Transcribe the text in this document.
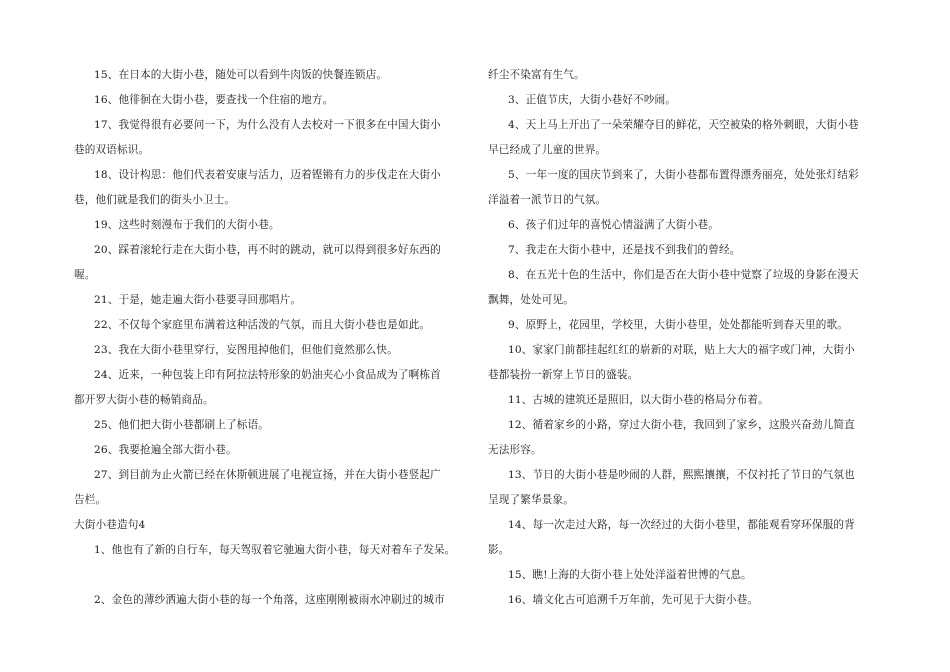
15、在日本的大街小巷，随处可以看到牛肉饭的快餐连锁店。
16、他徘徊在大街小巷，要查找一个住宿的地方。
17、我觉得很有必要问一下，为什么没有人去校对一下很多在中国大街小
巷的双语标识。
18、设计构思：他们代表着安康与活力，迈着铿锵有力的步伐走在大街小
巷，他们就是我们的街头小卫士。
19、这些时刻漫布于我们的大街小巷。
20、踩着滚轮行走在大街小巷，再不时的跳动，就可以得到很多好东西的
喔。
21、于是，她走遍大街小巷要寻回那唱片。
22、不仅每个家庭里布满着这种活泼的气氛，而且大街小巷也是如此。
23、我在大街小巷里穿行，妄图甩掉他们，但他们竟然那么快。
24、近来，一种包装上印有阿拉法特形象的奶油夹心小食品成为了啊栋首
都开罗大街小巷的畅销商品。
25、他们把大街小巷都刷上了标语。
26、我要抢遍全部大街小巷。
27、到目前为止火箭已经在休斯顿进展了电视宣扬，并在大街小巷竖起广
告栏。
大街小巷造句4
1、他也有了新的自行车，每天驾驭着它驰遍大街小巷，每天对着车子发呆。
2、金色的薄纱洒遍大街小巷的每一个角落，这座刚刚被雨水冲刷过的城市
纤尘不染富有生气。
3、正值节庆，大街小巷好不吵闹。
4、天上马上开出了一朵荣耀夺目的鲜花，天空被染的格外刺眼，大街小巷
早已经成了儿童的世界。
5、一年一度的国庆节到来了，大街小巷都布置得漂秀丽亮，处处张灯结彩
洋溢着一派节日的气氛。
6、孩子们过年的喜悦心情溢满了大街小巷。
7、我走在大街小巷中，还是找不到我们的曾经。
8、在五光十色的生活中，你们是否在大街小巷中觉察了垃圾的身影在漫天
飘舞，处处可见。
9、原野上，花园里，学校里，大街小巷里，处处都能听到春天里的歌。
10、家家门前都挂起红红的崭新的对联，贴上大大的福字或门神，大街小
巷都装扮一新穿上节日的盛装。
11、古城的建筑还是照旧，以大街小巷的格局分布着。
12、循着家乡的小路，穿过大街小巷，我回到了家乡，这股兴奋劲儿简直
无法形容。
13、节日的大街小巷是吵闹的人群，熙熙攘攘，不仅衬托了节日的气氛也
呈现了繁华景象。
14、每一次走过大路，每一次经过的大街小巷里，都能观看穿环保服的背
影。
15、瞧!上海的大街小巷上处处洋溢着世博的气息。
16、墙文化古可追溯千万年前，先可见于大街小巷。
